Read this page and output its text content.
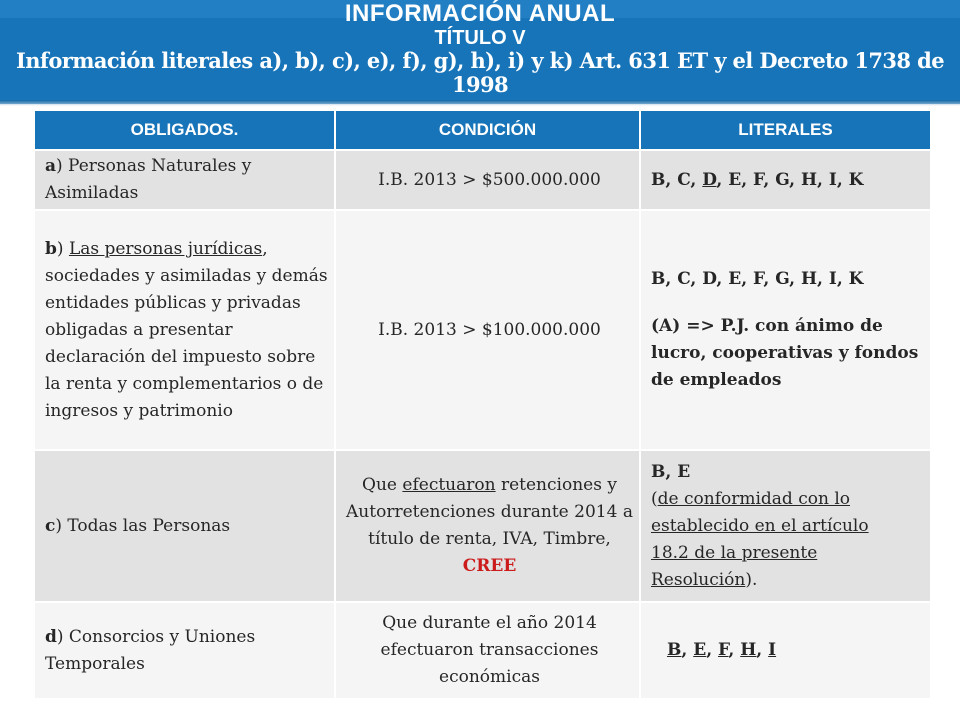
INFORMACIÓN ANUAL
TÍTULO V
Información literales a), b), c), e), f), g), h), i) y k) Art. 631 ET y el Decreto 1738 de 1998
OBLIGADOS.	CONDICIÓN	LITERALES
a) Personas Naturales y Asimiladas	I.B. 2013 > $500.000.000	B, C, D, E, F, G, H, I, K
b) Las personas jurídicas, sociedades y asimiladas y demás entidades públicas y privadas obligadas a presentar declaración del impuesto sobre la renta y complementarios o de ingresos y patrimonio	I.B. 2013 > $100.000.000	B, C, D, E, F, G, H, I, K
(A) => P.J. con ánimo de lucro, cooperativas y fondos de empleados
c) Todas las Personas	Que efectuaron retenciones y Autorretenciones durante 2014 a título de renta, IVA, Timbre, CREE	B, E
(de conformidad con lo
establecido en el artículo
18.2 de la presente
Resolución).
d) Consorcios y Uniones Temporales	Que durante el año 2014 efectuaron transacciones económicas	B, E, F, H, I
